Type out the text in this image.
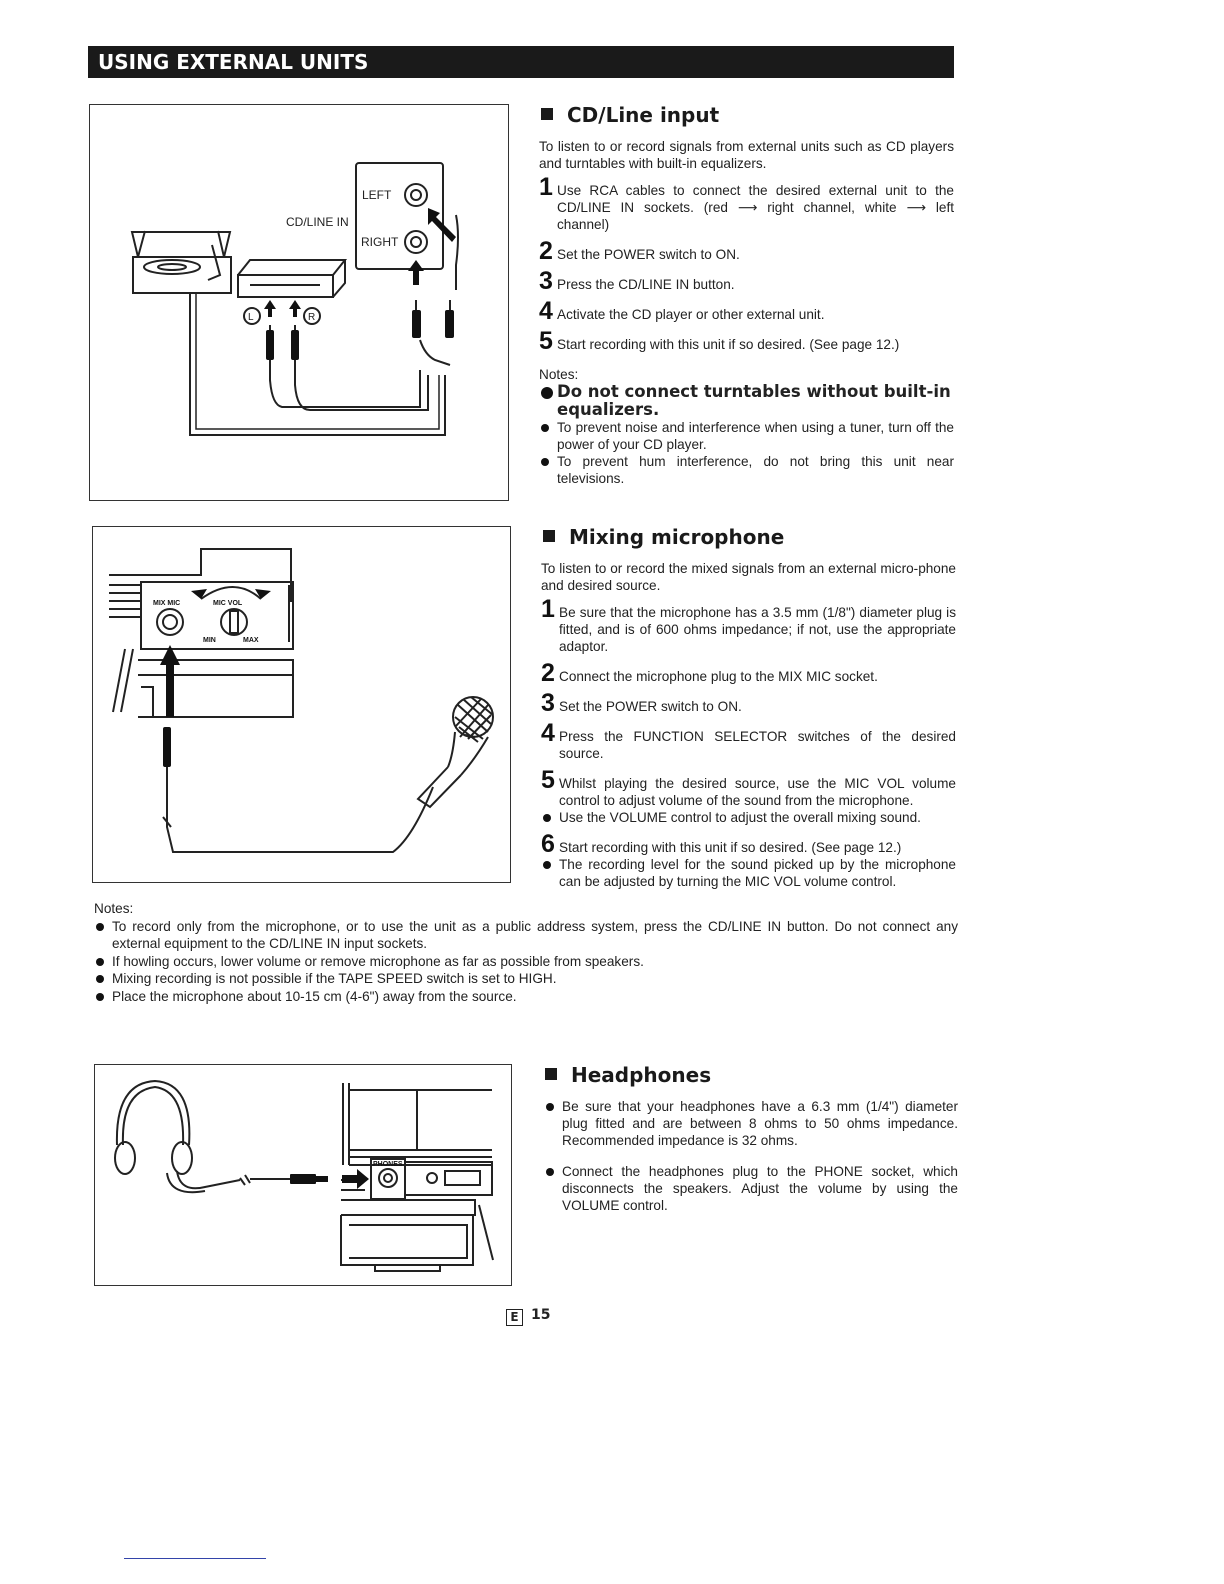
USING EXTERNAL UNITS
CD/LINE IN
LEFT
RIGHT
L	R
CD/Line input

To listen to or record signals from external units such as CD players and turntables with built-in equalizers.

1 Use RCA cables to connect the desired external unit to the CD/LINE IN sockets. (red ⟶ right channel, white ⟶ left channel)
2 Set the POWER switch to ON.
3 Press the CD/LINE IN button.
4 Activate the CD player or other external unit.
5 Start recording with this unit if so desired. (See page 12.)

Notes:

Do not connect turntables without built-in equalizers.

To prevent noise and interference when using a tuner, turn off the power of your CD player.
To prevent hum interference, do not bring this unit near televisions.
MIX MIC	MIC VOL
MIN	MAX
Mixing microphone

To listen to or record the mixed signals from an external micro-phone and desired source.

1 Be sure that the microphone has a 3.5 mm (1/8") diameter plug is fitted, and is of 600 ohms impedance; if not, use the appropriate adaptor.
2 Connect the microphone plug to the MIX MIC socket.
3 Set the POWER switch to ON.
4 Press the FUNCTION SELECTOR switches of the desired source.
5 Whilst playing the desired source, use the MIC VOL volume control to adjust volume of the sound from the microphone.
Use the VOLUME control to adjust the overall mixing sound.
6 Start recording with this unit if so desired. (See page 12.)
The recording level for the sound picked up by the microphone can be adjusted by turning the MIC VOL volume control.

Notes:

To record only from the microphone, or to use the unit as a public address system, press the CD/LINE IN button. Do not connect any external equipment to the CD/LINE IN input sockets.
If howling occurs, lower volume or remove microphone as far as possible from speakers.
Mixing recording is not possible if the TAPE SPEED switch is set to HIGH.
Place the microphone about 10-15 cm (4-6") away from the source.
PHONES
Headphones
Be sure that your headphones have a 6.3 mm (1/4") diameter plug fitted and are between 8 ohms to 50 ohms impedance. Recommended impedance is 32 ohms.
Connect the headphones plug to the PHONE socket, which disconnects the speakers. Adjust the volume by using the VOLUME control.
E 15
